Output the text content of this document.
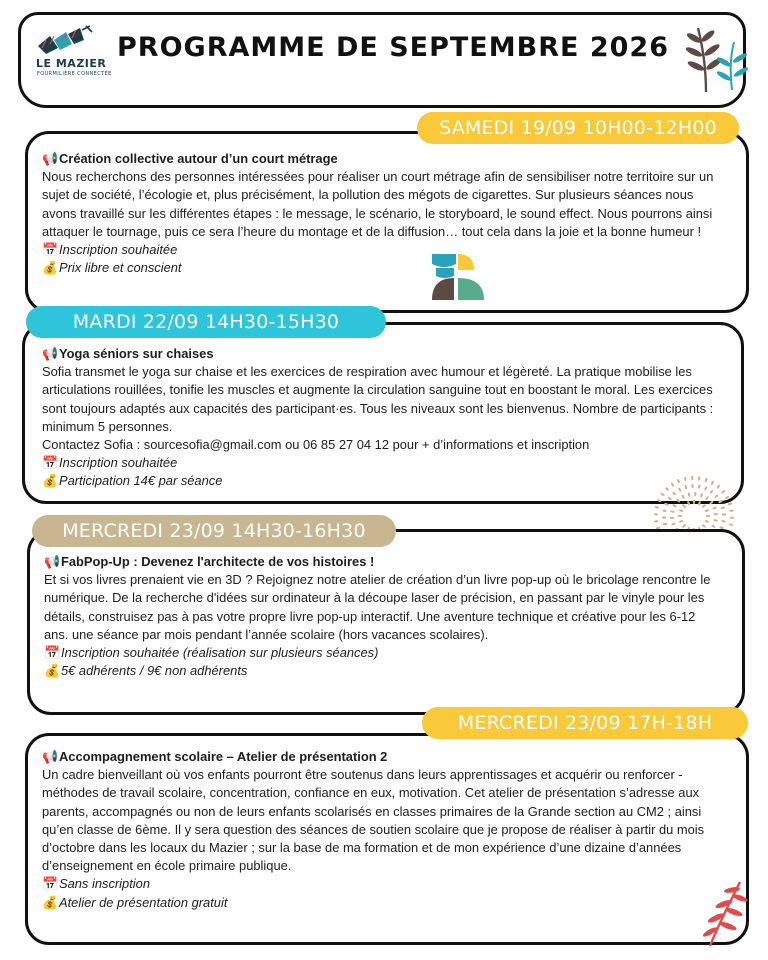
LE MAZIER
FOURMILIÈRE CONNECTÉE
PROGRAMME DE SEPTEMBRE 2026
SAMEDI 19/09 10H00-12H00

📢Création collective autour d’un court métrage

Nous recherchons des personnes intéressées pour réaliser un court métrage afin de sensibiliser notre territoire sur un sujet de société, l’écologie et, plus précisément, la pollution des mégots de cigarettes. Sur plusieurs séances nous avons travaillé sur les différentes étapes : le message, le scénario, le storyboard, le sound effect. Nous pourrons ainsi attaquer le tournage, puis ce sera l’heure du montage et de la diffusion… tout cela dans la joie et la bonne humeur !

📅Inscription souhaitée

💰Prix libre et conscient

MARDI 22/09 14H30-15H30

📢Yoga séniors sur chaises

Sofia transmet le yoga sur chaise et les exercices de respiration avec humour et légèreté. La pratique mobilise les articulations rouillées, tonifie les muscles et augmente la circulation sanguine tout en boostant le moral. Les exercices sont toujours adaptés aux capacités des participant·es. Tous les niveaux sont les bienvenus. Nombre de participants : minimum 5 personnes.

Contactez Sofia : sourcesofia@gmail.com ou 06 85 27 04 12 pour + d’informations et inscription

📅Inscription souhaitée

💰Participation 14€ par séance

MERCREDI 23/09 14H30-16H30

📢FabPop-Up : Devenez l'architecte de vos histoires !

Et si vos livres prenaient vie en 3D ? Rejoignez notre atelier de création d’un livre pop-up où le bricolage rencontre le numérique. De la recherche d'idées sur ordinateur à la découpe laser de précision, en passant par le vinyle pour les détails, construisez pas à pas votre propre livre pop-up interactif. Une aventure technique et créative pour les 6-12 ans. une séance par mois pendant l’année scolaire (hors vacances scolaires).

📅Inscription souhaitée (réalisation sur plusieurs séances)

💰5€ adhérents / 9€ non adhérents

MERCREDI 23/09 17H-18H

📢Accompagnement scolaire – Atelier de présentation 2

Un cadre bienveillant où vos enfants pourront être soutenus dans leurs apprentissages et acquérir ou renforcer - méthodes de travail scolaire, concentration, confiance en eux, motivation. Cet atelier de présentation s’adresse aux parents, accompagnés ou non de leurs enfants scolarisés en classes primaires de la Grande section au CM2 ; ainsi qu’en classe de 6ème. Il y sera question des séances de soutien scolaire que je propose de réaliser à partir du mois d’octobre dans les locaux du Mazier ; sur la base de ma formation et de mon expérience d’une dizaine d’années d’enseignement en école primaire publique.

📅Sans inscription

💰Atelier de présentation gratuit
